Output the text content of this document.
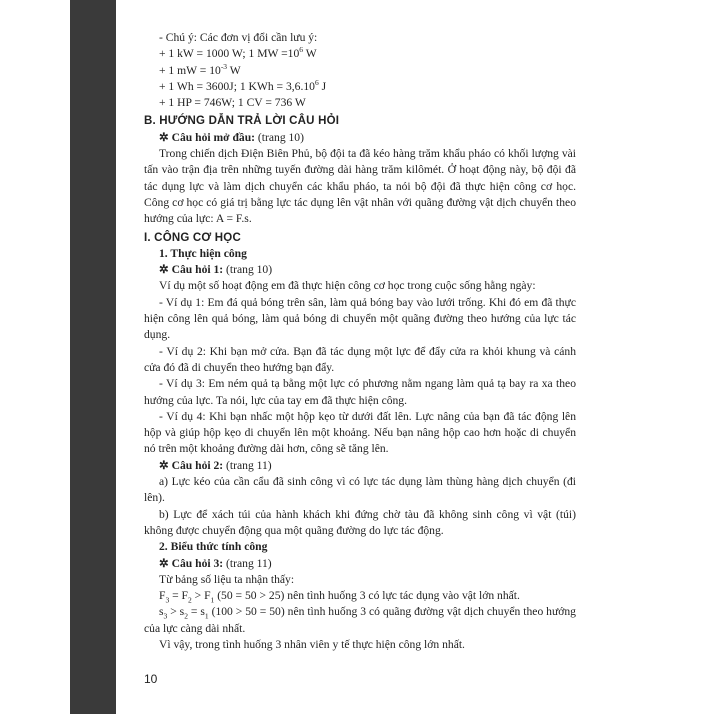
- Chú ý: Các đơn vị đổi cần lưu ý:
+ 1 kW = 1000 W; 1 MW $=10^6$ W
+ 1 mW = $10^{-3}$ W
+ 1 Wh = 3600J; 1 KWh = $3,6.10^6$ J
+ 1 HP = 746W; 1 CV = 736 W
B. HƯỚNG DẪN TRẢ LỜI CÂU HỎI
✲ Câu hỏi mở đầu: (trang 10)
Trong chiến dịch Điện Biên Phủ, bộ đội ta đã kéo hàng trăm khẩu pháo có khối lượng vài tấn vào trận địa trên những tuyến đường dài hàng trăm kilômét. Ở hoạt động này, bộ đội đã tác dụng lực và làm dịch chuyển các khẩu pháo, ta nói bộ đội đã thực hiện công cơ học. Công cơ học có giá trị bằng lực tác dụng lên vật nhân với quãng đường vật dịch chuyển theo hướng của lực: A = F.s.
I. CÔNG CƠ HỌC
1. Thực hiện công
✲ Câu hỏi 1: (trang 10)
Ví dụ một số hoạt động em đã thực hiện công cơ học trong cuộc sống hằng ngày:
- Ví dụ 1: Em đá quả bóng trên sân, làm quả bóng bay vào lưới trống. Khi đó em đã thực hiện công lên quả bóng, làm quả bóng di chuyển một quãng đường theo hướng của lực tác dụng.
- Ví dụ 2: Khi bạn mở cửa. Bạn đã tác dụng một lực để đẩy cửa ra khỏi khung và cánh cửa đó đã di chuyển theo hướng bạn đẩy.
- Ví dụ 3: Em ném quả tạ bằng một lực có phương nằm ngang làm quả tạ bay ra xa theo hướng của lực. Ta nói, lực của tay em đã thực hiện công.
- Ví dụ 4: Khi bạn nhấc một hộp kẹo từ dưới đất lên. Lực nâng của bạn đã tác động lên hộp và giúp hộp kẹo di chuyển lên một khoảng. Nếu bạn nâng hộp cao hơn hoặc di chuyển nó trên một khoảng đường dài hơn, công sẽ tăng lên.
✲ Câu hỏi 2: (trang 11)
a) Lực kéo của cần cẩu đã sinh công vì có lực tác dụng làm thùng hàng dịch chuyển (đi lên).
b) Lực để xách túi của hành khách khi đứng chờ tàu đã không sinh công vì vật (túi) không được chuyển động qua một quãng đường do lực tác động.
2. Biểu thức tính công
✲ Câu hỏi 3: (trang 11)
Từ bảng số liệu ta nhận thấy:
$F_3 = F_2 > F_1$ (50 = 50 > 25) nên tình huống 3 có lực tác dụng vào vật lớn nhất.
$s_3 > s_2 = s_1$ (100 > 50 = 50) nên tình huống 3 có quãng đường vật dịch chuyển theo hướng của lực càng dài nhất.
Vì vậy, trong tình huống 3 nhân viên y tế thực hiện công lớn nhất.
10
